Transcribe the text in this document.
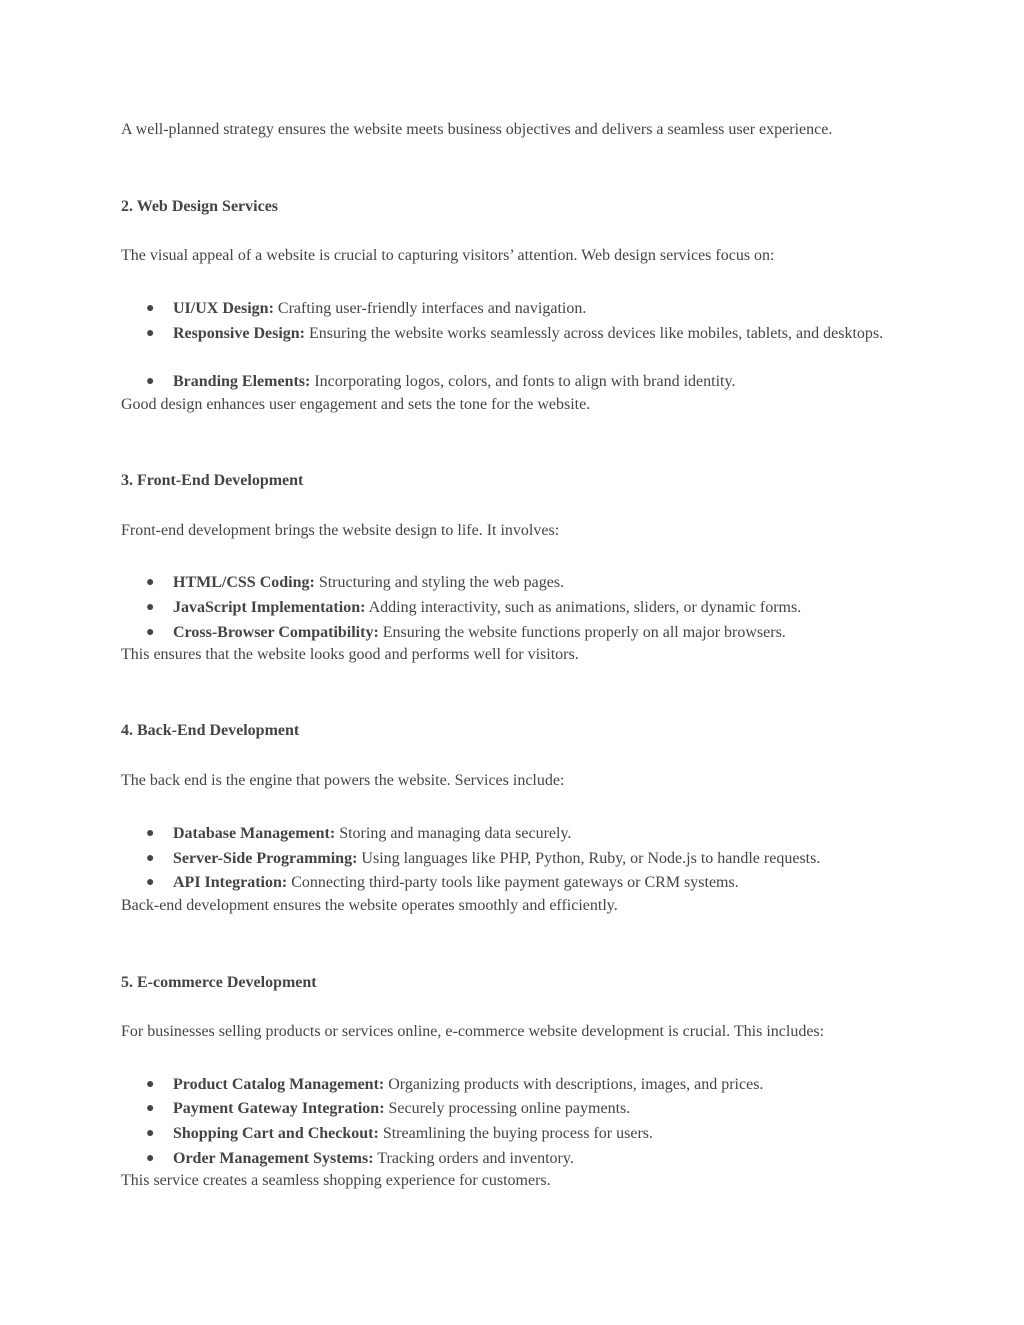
A well-planned strategy ensures the website meets business objectives and delivers a seamless user experience.
2. Web Design Services
The visual appeal of a website is crucial to capturing visitors’ attention. Web design services focus on:
● UI/UX Design: Crafting user-friendly interfaces and navigation.
● Responsive Design: Ensuring the website works seamlessly across devices like mobiles, tablets, and desktops.
● Branding Elements: Incorporating logos, colors, and fonts to align with brand identity.
Good design enhances user engagement and sets the tone for the website.
3. Front-End Development
Front-end development brings the website design to life. It involves:
● HTML/CSS Coding: Structuring and styling the web pages.
● JavaScript Implementation: Adding interactivity, such as animations, sliders, or dynamic forms.
● Cross-Browser Compatibility: Ensuring the website functions properly on all major browsers.
This ensures that the website looks good and performs well for visitors.
4. Back-End Development
The back end is the engine that powers the website. Services include:
● Database Management: Storing and managing data securely.
● Server-Side Programming: Using languages like PHP, Python, Ruby, or Node.js to handle requests.
● API Integration: Connecting third-party tools like payment gateways or CRM systems.
Back-end development ensures the website operates smoothly and efficiently.
5. E-commerce Development
For businesses selling products or services online, e-commerce website development is crucial. This includes:
● Product Catalog Management: Organizing products with descriptions, images, and prices.
● Payment Gateway Integration: Securely processing online payments.
● Shopping Cart and Checkout: Streamlining the buying process for users.
● Order Management Systems: Tracking orders and inventory.
This service creates a seamless shopping experience for customers.
